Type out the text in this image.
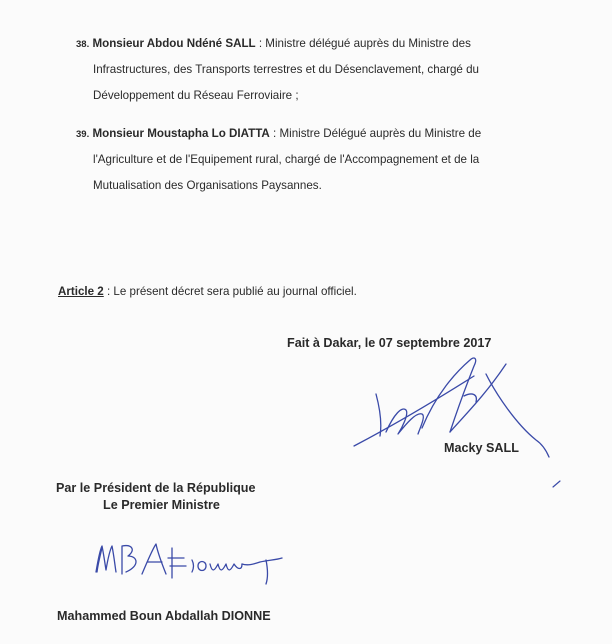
38. Monsieur Abdou Ndéné SALL : Ministre délégué auprès du Ministre des
Infrastructures, des Transports terrestres et du Désenclavement, chargé du
Développement du Réseau Ferroviaire ;
39. Monsieur Moustapha Lo DIATTA : Ministre Délégué auprès du Ministre de
l'Agriculture et de l'Equipement rural, chargé de l'Accompagnement et de la
Mutualisation des Organisations Paysannes.
Article 2 : Le présent décret sera publié au journal officiel.
Fait à Dakar, le 07 septembre 2017
Macky SALL
Par le Président de la République
Le Premier Ministre
Mahammed Boun Abdallah DIONNE
